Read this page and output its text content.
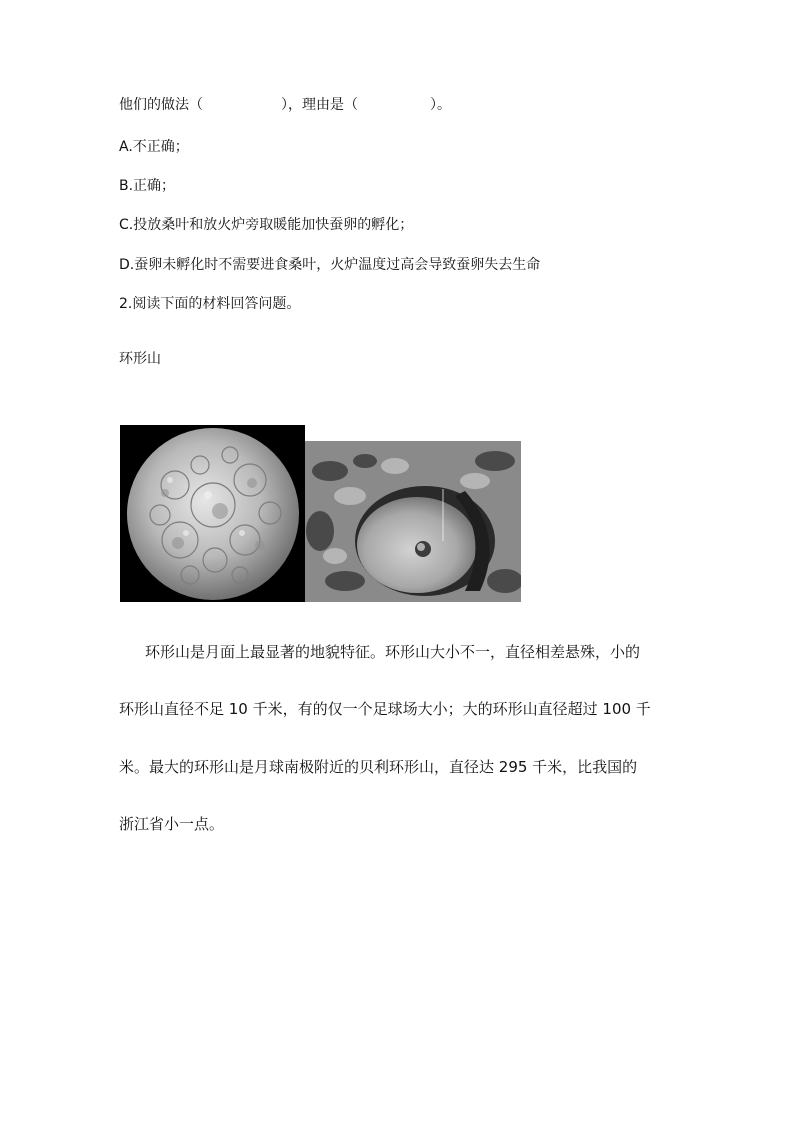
他们的做法（	），理由是（	）。
A.不正确；
B.正确；
C.投放桑叶和放火炉旁取暖能加快蚕卵的孵化；
D.蚕卵未孵化时不需要进食桑叶，火炉温度过高会导致蚕卵失去生命
2.阅读下面的材料回答问题。
环形山
环形山是月面上最显著的地貌特征。环形山大小不一，直径相差悬殊，小的
环形山直径不足 10 千米，有的仅一个足球场大小；大的环形山直径超过 100 千
米。最大的环形山是月球南极附近的贝利环形山，直径达 295 千米，比我国的
浙江省小一点。
